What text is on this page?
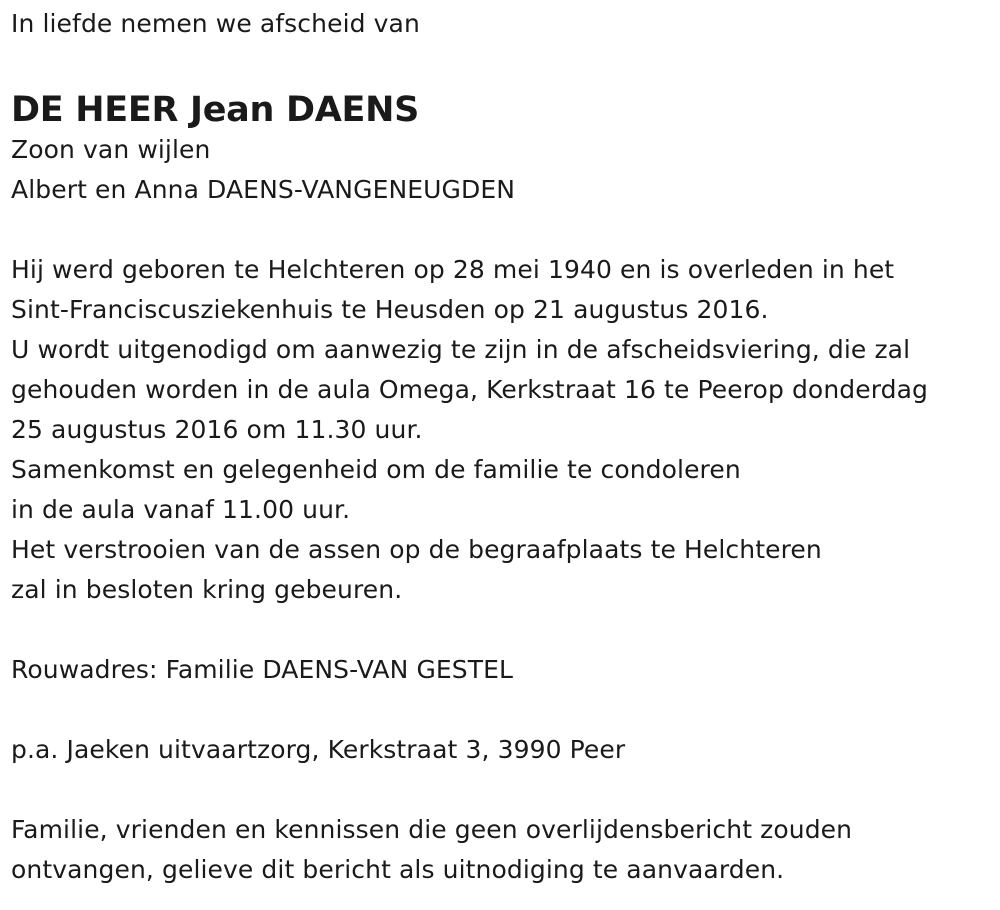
In liefde nemen we afscheid van
DE HEER Jean DAENS
Zoon van wijlen
Albert en Anna DAENS-VANGENEUGDEN
Hij werd geboren te Helchteren op 28 mei 1940 en is overleden in het
Sint-Franciscusziekenhuis te Heusden op 21 augustus 2016.
U wordt uitgenodigd om aanwezig te zijn in de afscheidsviering, die zal
gehouden worden in de aula Omega, Kerkstraat 16 te Peerop donderdag
25 augustus 2016 om 11.30 uur.
Samenkomst en gelegenheid om de familie te condoleren
in de aula vanaf 11.00 uur.
Het verstrooien van de assen op de begraafplaats te Helchteren
zal in besloten kring gebeuren.
Rouwadres: Familie DAENS-VAN GESTEL
p.a. Jaeken uitvaartzorg, Kerkstraat 3, 3990 Peer
Familie, vrienden en kennissen die geen overlijdensbericht zouden
ontvangen, gelieve dit bericht als uitnodiging te aanvaarden.
